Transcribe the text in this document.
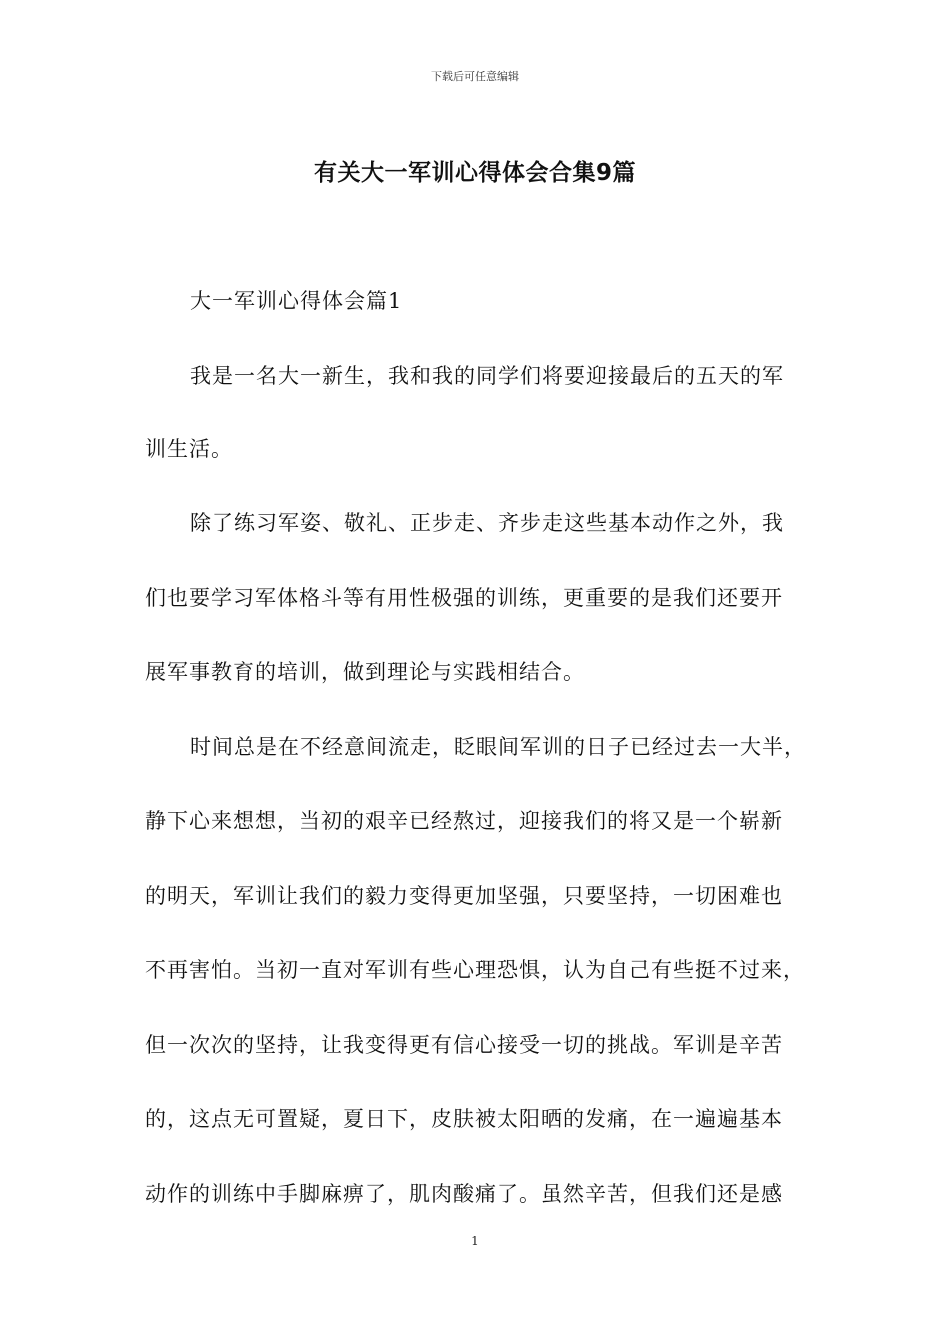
下载后可任意编辑
有关大一军训心得体会合集9篇
大一军训心得体会篇1
我是一名大一新生，我和我的同学们将要迎接最后的五天的军
训生活。
除了练习军姿、敬礼、正步走、齐步走这些基本动作之外，我
们也要学习军体格斗等有用性极强的训练，更重要的是我们还要开
展军事教育的培训，做到理论与实践相结合。
时间总是在不经意间流走，眨眼间军训的日子已经过去一大半，
静下心来想想，当初的艰辛已经熬过，迎接我们的将又是一个崭新
的明天，军训让我们的毅力变得更加坚强，只要坚持，一切困难也
不再害怕。当初一直对军训有些心理恐惧，认为自己有些挺不过来，
但一次次的坚持，让我变得更有信心接受一切的挑战。军训是辛苦
的，这点无可置疑，夏日下，皮肤被太阳晒的发痛，在一遍遍基本
动作的训练中手脚麻痹了，肌肉酸痛了。虽然辛苦，但我们还是感
1
